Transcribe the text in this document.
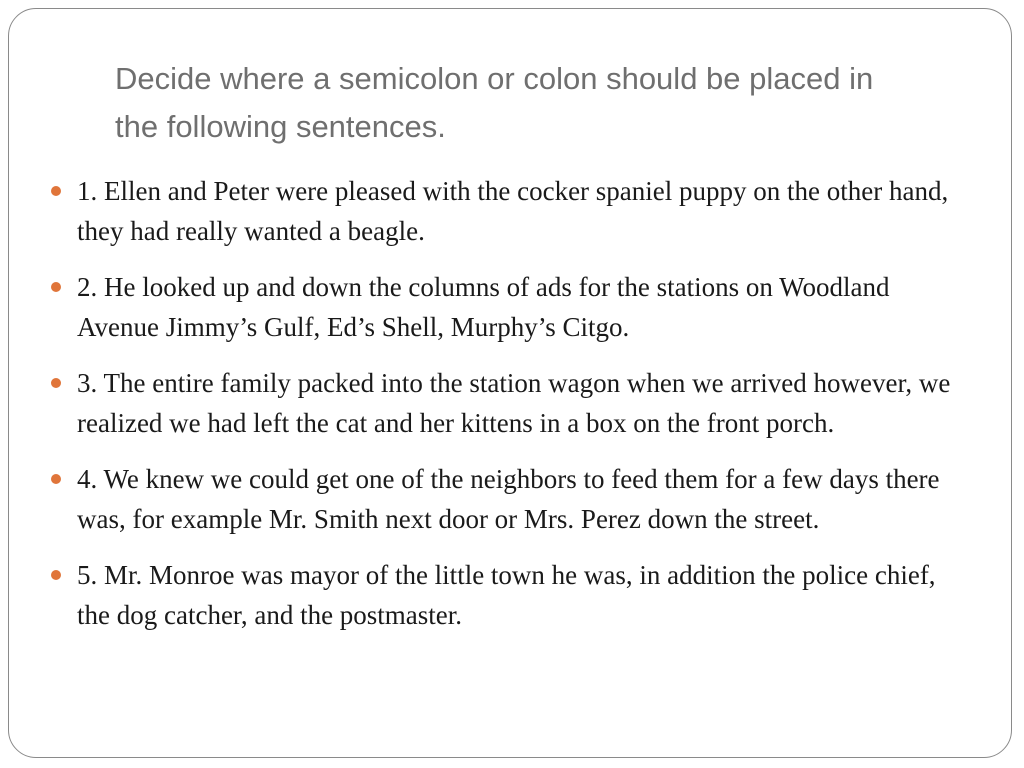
Decide where a semicolon or colon should be placed in the following sentences.
1. Ellen and Peter were pleased with the cocker spaniel puppy on the other hand, they had really wanted a beagle.
2. He looked up and down the columns of ads for the stations on Woodland Avenue Jimmy’s Gulf, Ed’s Shell, Murphy’s Citgo.
3. The entire family packed into the station wagon when we arrived however, we realized we had left the cat and her kittens in a box on the front porch.
4. We knew we could get one of the neighbors to feed them for a few days there was, for example Mr. Smith next door or Mrs. Perez down the street.
5. Mr. Monroe was mayor of the little town he was, in addition the police chief, the dog catcher, and the postmaster.
